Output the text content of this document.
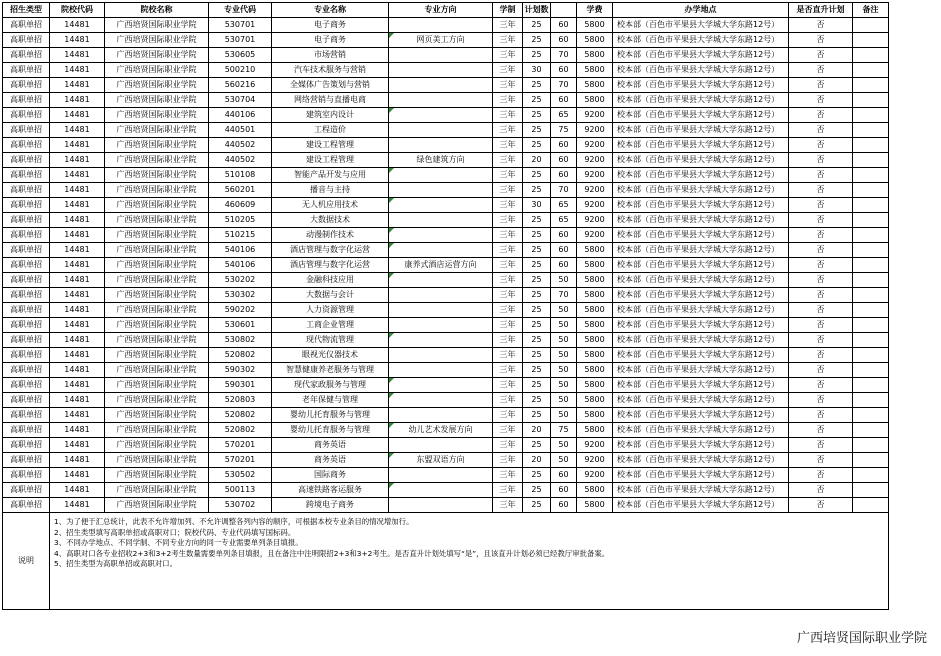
招生类型	院校代码	院校名称	专业代码	专业名称	专业方向	学制	计划数		学费	办学地点	是否直升计划	备注
高职单招	14481	广西培贤国际职业学院	530701	电子商务		三年	25	60	5800	校本部（百色市平果县大学城大学东路12号）	否	
高职单招	14481	广西培贤国际职业学院	530701	电子商务	网页美工方向	三年	25	60	5800	校本部（百色市平果县大学城大学东路12号）	否	
高职单招	14481	广西培贤国际职业学院	530605	市场营销		三年	25	70	5800	校本部（百色市平果县大学城大学东路12号）	否	
高职单招	14481	广西培贤国际职业学院	500210	汽车技术服务与营销		三年	30	60	5800	校本部（百色市平果县大学城大学东路12号）	否	
高职单招	14481	广西培贤国际职业学院	560216	全媒体广告策划与营销		三年	25	70	5800	校本部（百色市平果县大学城大学东路12号）	否	
高职单招	14481	广西培贤国际职业学院	530704	网络营销与直播电商		三年	25	60	5800	校本部（百色市平果县大学城大学东路12号）	否	
高职单招	14481	广西培贤国际职业学院	440106	建筑室内设计		三年	25	65	9200	校本部（百色市平果县大学城大学东路12号）	否	
高职单招	14481	广西培贤国际职业学院	440501	工程造价		三年	25	75	9200	校本部（百色市平果县大学城大学东路12号）	否	
高职单招	14481	广西培贤国际职业学院	440502	建设工程管理		三年	25	60	9200	校本部（百色市平果县大学城大学东路12号）	否	
高职单招	14481	广西培贤国际职业学院	440502	建设工程管理	绿色建筑方向	三年	20	60	9200	校本部（百色市平果县大学城大学东路12号）	否	
高职单招	14481	广西培贤国际职业学院	510108	智能产品开发与应用		三年	25	60	9200	校本部（百色市平果县大学城大学东路12号）	否	
高职单招	14481	广西培贤国际职业学院	560201	播音与主持		三年	25	70	9200	校本部（百色市平果县大学城大学东路12号）	否	
高职单招	14481	广西培贤国际职业学院	460609	无人机应用技术		三年	30	65	9200	校本部（百色市平果县大学城大学东路12号）	否	
高职单招	14481	广西培贤国际职业学院	510205	大数据技术		三年	25	65	9200	校本部（百色市平果县大学城大学东路12号）	否	
高职单招	14481	广西培贤国际职业学院	510215	动漫制作技术		三年	25	60	9200	校本部（百色市平果县大学城大学东路12号）	否	
高职单招	14481	广西培贤国际职业学院	540106	酒店管理与数字化运营		三年	25	60	5800	校本部（百色市平果县大学城大学东路12号）	否	
高职单招	14481	广西培贤国际职业学院	540106	酒店管理与数字化运营	康养式酒店运营方向	三年	25	60	5800	校本部（百色市平果县大学城大学东路12号）	否	
高职单招	14481	广西培贤国际职业学院	530202	金融科技应用		三年	25	50	5800	校本部（百色市平果县大学城大学东路12号）	否	
高职单招	14481	广西培贤国际职业学院	530302	大数据与会计		三年	25	70	5800	校本部（百色市平果县大学城大学东路12号）	否	
高职单招	14481	广西培贤国际职业学院	590202	人力资源管理		三年	25	50	5800	校本部（百色市平果县大学城大学东路12号）	否	
高职单招	14481	广西培贤国际职业学院	530601	工商企业管理		三年	25	50	5800	校本部（百色市平果县大学城大学东路12号）	否	
高职单招	14481	广西培贤国际职业学院	530802	现代物流管理		三年	25	50	5800	校本部（百色市平果县大学城大学东路12号）	否	
高职单招	14481	广西培贤国际职业学院	520802	眼视光仪器技术		三年	25	50	5800	校本部（百色市平果县大学城大学东路12号）	否	
高职单招	14481	广西培贤国际职业学院	590302	智慧健康养老服务与管理		三年	25	50	5800	校本部（百色市平果县大学城大学东路12号）	否	
高职单招	14481	广西培贤国际职业学院	590301	现代家政服务与管理		三年	25	50	5800	校本部（百色市平果县大学城大学东路12号）	否	
高职单招	14481	广西培贤国际职业学院	520803	老年保健与管理		三年	25	50	5800	校本部（百色市平果县大学城大学东路12号）	否	
高职单招	14481	广西培贤国际职业学院	520802	婴幼儿托育服务与管理		三年	25	50	5800	校本部（百色市平果县大学城大学东路12号）	否	
高职单招	14481	广西培贤国际职业学院	520802	婴幼儿托育服务与管理	幼儿艺术发展方向	三年	20	75	5800	校本部（百色市平果县大学城大学东路12号）	否	
高职单招	14481	广西培贤国际职业学院	570201	商务英语		三年	25	50	9200	校本部（百色市平果县大学城大学东路12号）	否	
高职单招	14481	广西培贤国际职业学院	570201	商务英语	东盟双语方向	三年	20	50	9200	校本部（百色市平果县大学城大学东路12号）	否	
高职单招	14481	广西培贤国际职业学院	530502	国际商务		三年	25	60	9200	校本部（百色市平果县大学城大学东路12号）	否	
高职单招	14481	广西培贤国际职业学院	500113	高速铁路客运服务		三年	25	60	5800	校本部（百色市平果县大学城大学东路12号）	否	
高职单招	14481	广西培贤国际职业学院	530702	跨境电子商务		三年	25	60	5800	校本部（百色市平果县大学城大学东路12号）	否	
说明	1、为了便于汇总统计，此表不允许增加列、不允许调整各列内容的顺序，可根据本校专业条目的情况增加行。
2、招生类型填写高职单招或高职对口；院校代码、专业代码填写国标码。
3、不同办学地点、不同学制、不同专业方向的同一专业需要单列条目填报。
4、高职对口各专业招收2+3和3+2考生数量需要单列条目填报，且在备注中注明限招2+3和3+2考生。是否直升计划处填写“是”，且该直升计划必须已经教厅审批备案。
5、招生类型为高职单招或高职对口。											
广西培贤国际职业学院
